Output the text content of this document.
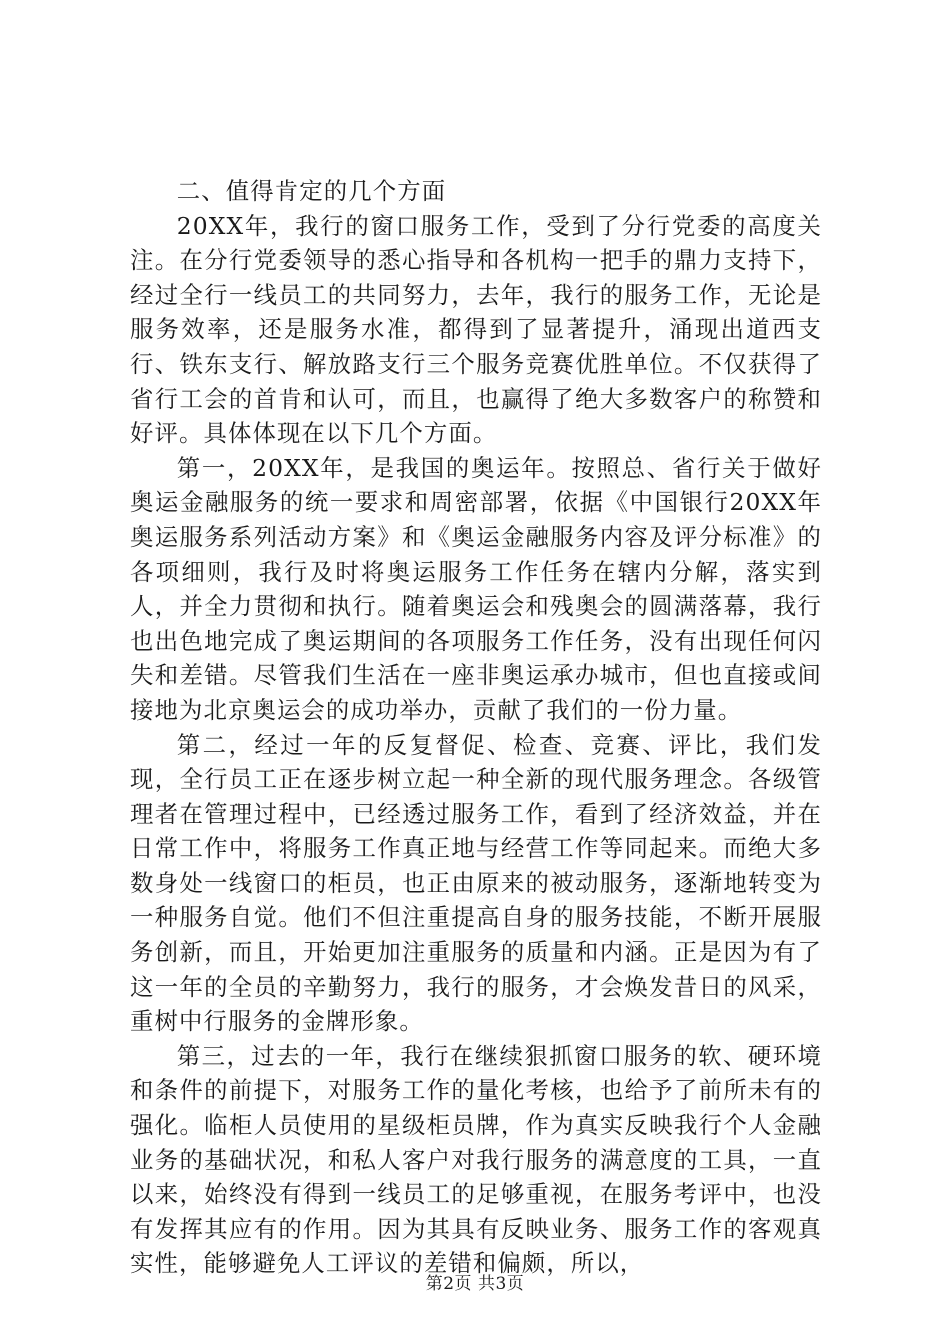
二、值得肯定的几个方面

20XX年，我行的窗口服务工作，受到了分行党委的高度关注。在分行党委领导的悉心指导和各机构一把手的鼎力支持下，经过全行一线员工的共同努力，去年，我行的服务工作，无论是服务效率，还是服务水准，都得到了显著提升，涌现出道西支行、铁东支行、解放路支行三个服务竞赛优胜单位。不仅获得了省行工会的首肯和认可，而且，也赢得了绝大多数客户的称赞和好评。具体体现在以下几个方面。

第一，20XX年，是我国的奥运年。按照总、省行关于做好奥运金融服务的统一要求和周密部署，依据《中国银行20XX年奥运服务系列活动方案》和《奥运金融服务内容及评分标准》的各项细则，我行及时将奥运服务工作任务在辖内分解，落实到人，并全力贯彻和执行。随着奥运会和残奥会的圆满落幕，我行也出色地完成了奥运期间的各项服务工作任务，没有出现任何闪失和差错。尽管我们生活在一座非奥运承办城市，但也直接或间接地为北京奥运会的成功举办，贡献了我们的一份力量。

第二，经过一年的反复督促、检查、竞赛、评比，我们发现，全行员工正在逐步树立起一种全新的现代服务理念。各级管理者在管理过程中，已经透过服务工作，看到了经济效益，并在日常工作中，将服务工作真正地与经营工作等同起来。而绝大多数身处一线窗口的柜员，也正由原来的被动服务，逐渐地转变为一种服务自觉。他们不但注重提高自身的服务技能，不断开展服务创新，而且，开始更加注重服务的质量和内涵。正是因为有了这一年的全员的辛勤努力，我行的服务，才会焕发昔日的风采，重树中行服务的金牌形象。

第三，过去的一年，我行在继续狠抓窗口服务的软、硬环境和条件的前提下，对服务工作的量化考核，也给予了前所未有的强化。临柜人员使用的星级柜员牌，作为真实反映我行个人金融业务的基础状况，和私人客户对我行服务的满意度的工具，一直以来，始终没有得到一线员工的足够重视，在服务考评中，也没有发挥其应有的作用。因为其具有反映业务、服务工作的客观真实性，能够避免人工评议的差错和偏颇，所以，

第2页 共3页
